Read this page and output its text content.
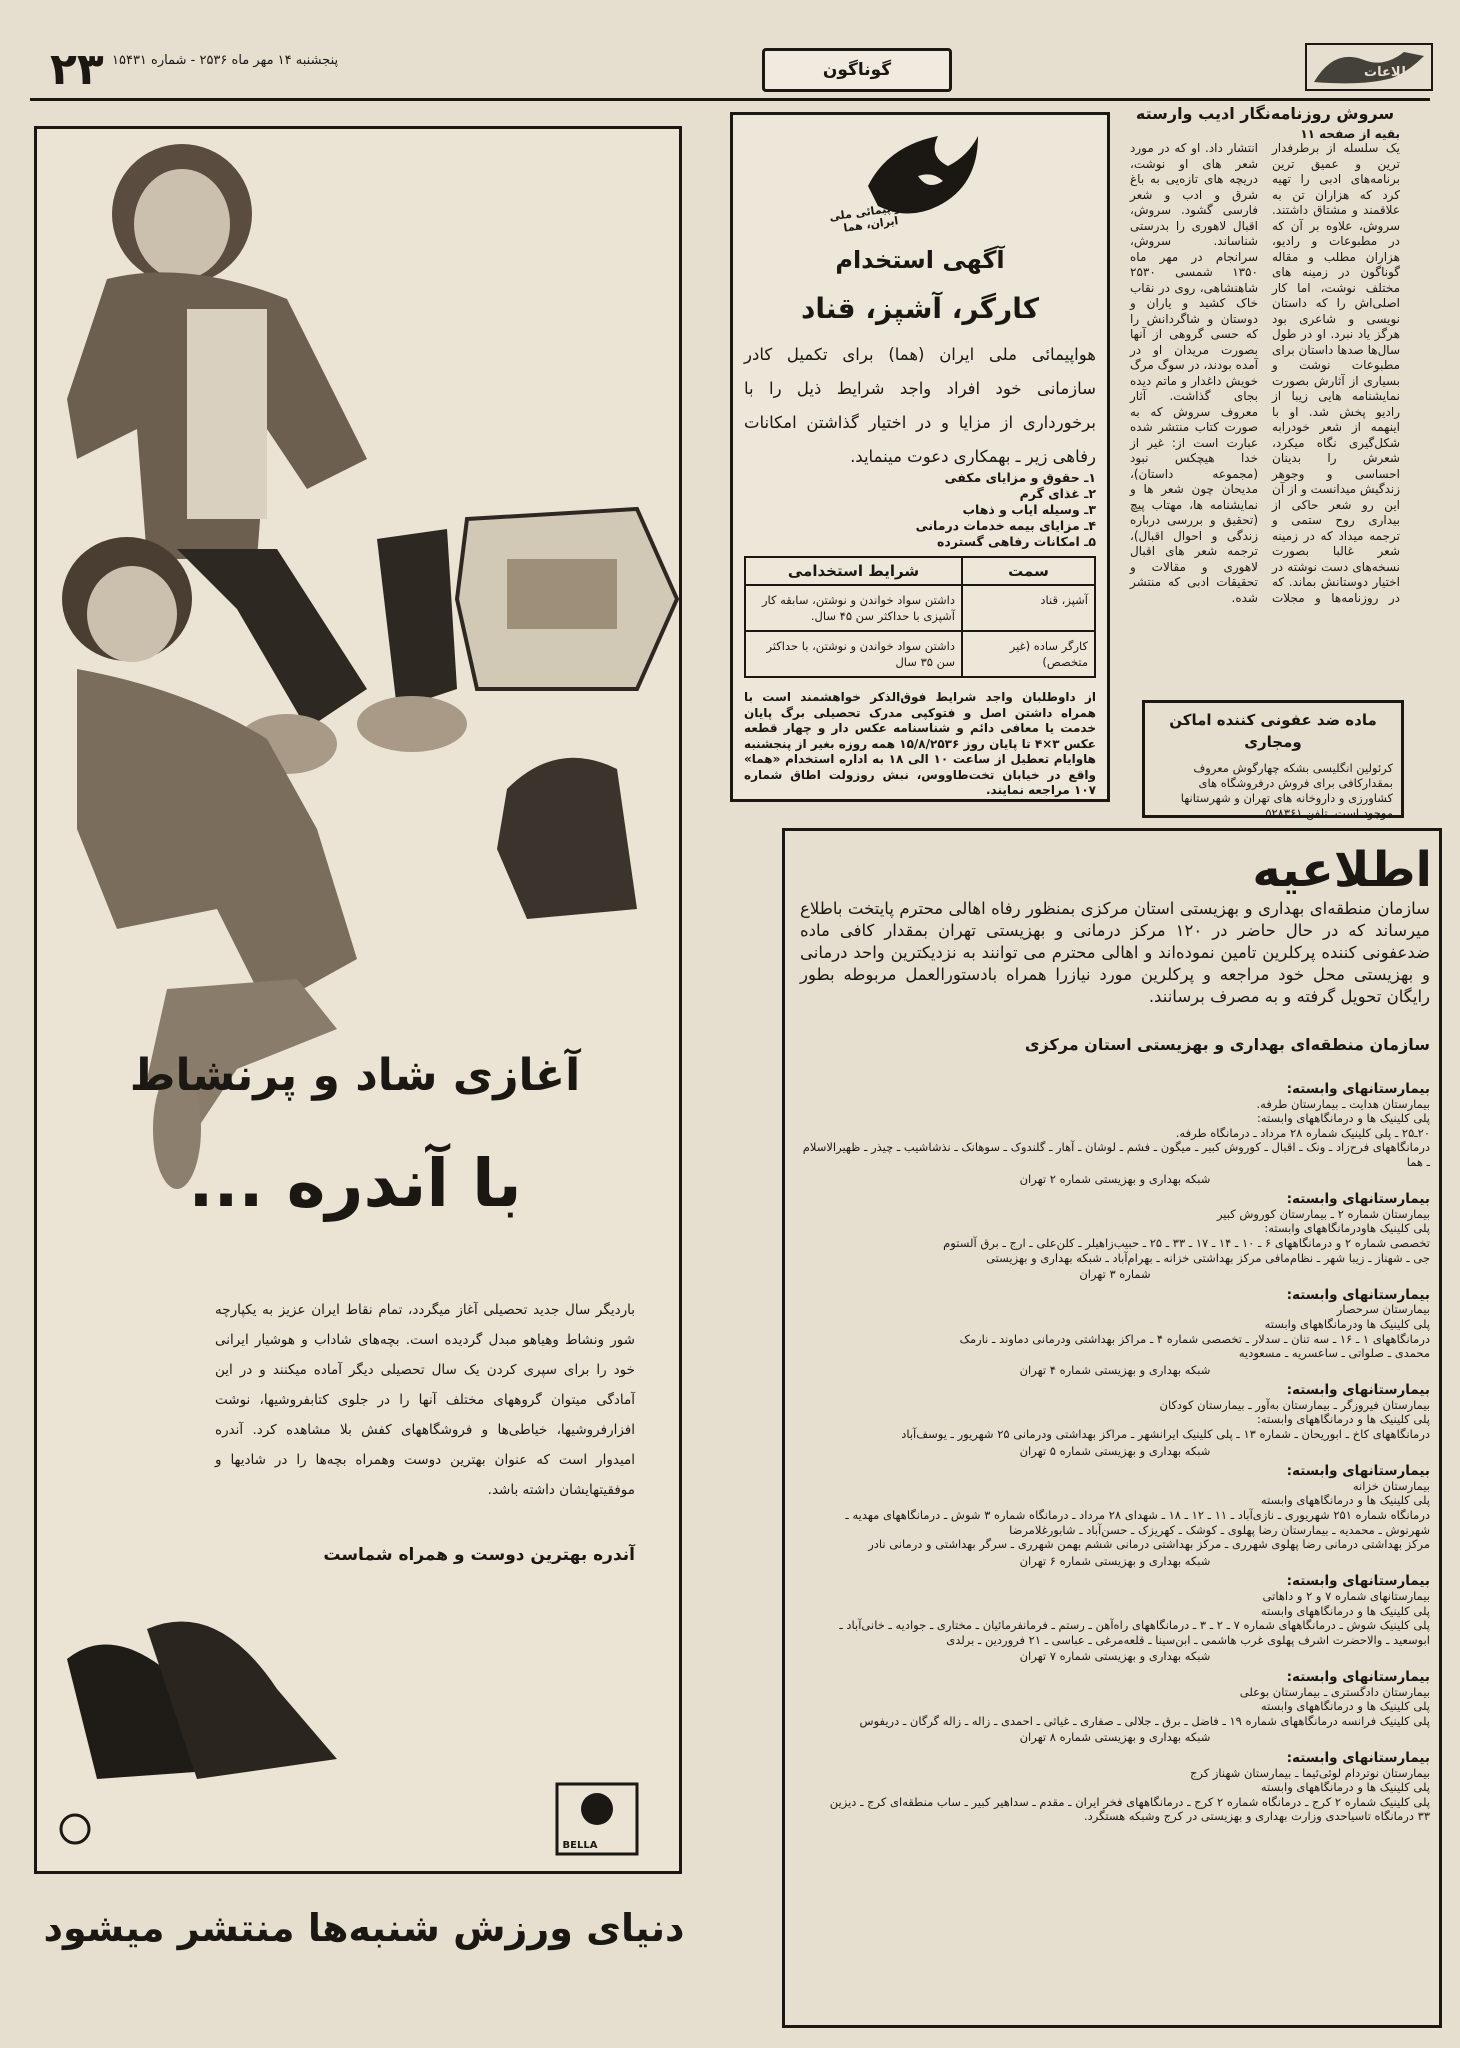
۲۳ پنجشنبه ۱۴ مهر ماه ۲۵۳۶ - شماره ۱۵۴۳۱	گوناگون	اطلاعات
آغازی شاد و پرنشاط
با آندره ...
باردیگر سال جدید تحصیلی آغاز میگردد، تمام نقاط ایران عزیز به یکپارچه شور ونشاط وهیاهو مبدل گردیده است. بچه‌های شاداب و هوشیار ایرانی خود را برای سپری کردن یک سال تحصیلی دیگر آماده میکنند و در این آمادگی میتوان گروههای مختلف آنها را در جلوی کتابفروشیها، نوشت افزارفروشیها، خیاطی‌ها و فروشگاههای کفش بلا مشاهده کرد. آندره امیدوار است که عنوان بهترین دوست وهمراه بچه‌ها را در شادیها و موفقیتهایشان داشته باشد.
آندره بهترین دوست و همراه شماست
BELLA
دنیای ورزش شنبه‌ها منتشر میشود
سروش روزنامه‌نگار ادیب وارسته
بقیه از صفحه ۱۱
یک سلسله از برطرفدار ترین و عمیق ترین برنامه‌های ادبی را تهیه کرد که هزاران تن به علاقمند و مشتاق داشتند. سروش، علاوه بر آن که در مطبوعات و رادیو، هزاران مطلب و مقاله گوناگون در زمینه های مختلف نوشت، اما کار اصلی‌اش را که داستان نویسی و شاعری بود هرگز یاد نبرد. او در طول سال‌ها صدها داستان برای مطبوعات نوشت و بسیاری از آثارش بصورت نمایشنامه هایی زیبا از رادیو پخش شد. او با اینهمه از شعر خودرابه شکل‌گیری نگاه میکرد، شعرش را بدینان احساسی و وجوهر زندگیش میدانست و از آن این رو شعر حاکی از بیداری روح ستمی و ترجمه میداد که در زمینه شعر غالبا بصورت نسخه‌های دست نوشته در اختیار دوستانش بماند. که در روزنامه‌ها و مجلات انتشار داد. او که در مورد شعر های او نوشت، دریچه های تازه‌یی به باغ شرق و ادب و شعر فارسی گشود. سروش، اقبال لاهوری را بدرستی شناساند. سروش، سرانجام در مهر ماه ۱۳۵۰ شمسی ۲۵۳۰ شاهنشاهی، روی در نقاب خاک کشید و یاران و دوستان و شاگردانش را که حسی گروهی از آنها بصورت مریدان او در آمده بودند، در سوگ مرگ خویش داغدار و ماتم دیده بجای گذاشت. آثار معروف سروش که به صورت کتاب منتشر شده عبارت است از: غیر از خدا هیچکس نبود (مجموعه داستان)، مدیحان چون شعر ها و نمایشنامه ها، مهتاب پیچ (تحقیق و بررسی درباره زندگی و احوال اقبال)، ترجمه شعر های اقبال لاهوری و مقالات و تحقیقات ادبی که منتشر شده.
ماده ضد عفونی کننده اماکن ومجاری
کرئولین انگلیسی بشکه چهارگوش معروف بمقدارکافی برای فروش درفروشگاه های کشاورزی و داروخانه های تهران و شهرستانها موجود است. تلفن ۵۲۸۳۶۱
هواپیمائی ملی ایران، هما
آگهی استخدام
کارگر، آشپز، قناد
هواپیمائی ملی ایران (هما) برای تکمیل کادر سازمانی خود افراد واجد شرایط ذیل را با برخورداری از مزایا و در اختیار گذاشتن امکانات رفاهی زیر ـ بهمکاری دعوت مینماید.
۱ـ حقوق و مزایای مکفی
۲ـ غذای گرم
۳ـ وسیله ایاب و ذهاب
۴ـ مزایای بیمه خدمات درمانی
۵ـ امکانات رفاهی گسترده
سمت	شرایط استخدامی
آشپز، قناد	داشتن سواد خواندن و نوشتن، سابقه کار آشپزی با حداکثر سن ۴۵ سال.
کارگر ساده (غیر متخصص)	داشتن سواد خواندن و نوشتن، با حداکثر سن ۳۵ سال
از داوطلبان واجد شرایط فوق‌الذکر خواهشمند است با همراه داشتن اصل و فتوکپی مدرک تحصیلی برگ پایان خدمت یا معافی دائم و شناسنامه عکس دار و چهار قطعه عکس ۳×۴ تا پایان روز ۱۵/۸/۲۵۳۶ همه روزه بغیر از پنجشنبه هاوایام تعطیل از ساعت ۱۰ الی ۱۸ به اداره استخدام «هما» واقع در خیابان تخت‌طاووس، نبش روزولت اطاق شماره ۱۰۷ مراجعه نمایند.
اطلاعیه
سازمان منطقه‌ای بهداری و بهزیستی استان مرکزی بمنظور رفاه اهالی محترم پایتخت باطلاع میرساند که در حال حاضر در ۱۲۰ مرکز درمانی و بهزیستی تهران بمقدار کافی ماده ضدعفونی کننده پرکلرین تامین نموده‌اند و اهالی محترم می توانند به نزدیکترین واحد درمانی و بهزیستی محل خود مراجعه و پرکلرین مورد نیازرا همراه بادستورالعمل مربوطه بطور رایگان تحویل گرفته و به مصرف برسانند.
سازمان منطقه‌ای بهداری و بهزیستی استان مرکزی
بیمارستانهای وابسته:
بیمارستان هدایت ـ بیمارستان طرفه.
پلی کلینیک ها و درمانگاههای وابسته:
۲۰ـ۲۵ ـ پلی کلینیک شماره ۲۸ مرداد ـ درمانگاه طرفه.
درمانگاههای فرح‌زاد ـ ونک ـ اقبال ـ کوروش کبیر ـ میگون ـ فشم ـ لوشان ـ آهار ـ گلندوک ـ سوهانک ـ نذشاشیب ـ چیذر ـ ظهیرالاسلام ـ هما
شبکه بهداری و بهزیستی شماره ۲ تهران
بیمارستانهای وابسته:
بیمارستان شماره ۲ ـ بیمارستان کوروش کبیر
پلی کلینیک هاودرمانگاههای وابسته:
تخصصی شماره ۲ و درمانگاههای ۶ ـ ۱۰ ـ ۱۴ ـ ۱۷ ـ ۳۳ ـ ۲۵ ـ حبیب‌زاهیلر ـ کلن‌علی ـ ارج ـ برق آلستوم
جی ـ شهناز ـ زیبا شهر ـ نظام‌مافی مرکز بهداشتی خزانه ـ بهرام‌آباد ـ شبکه بهداری و بهزیستی
شماره ۳ تهران
بیمارستانهای وابسته:
بیمارستان سرحصار
پلی کلینیک ها ودرمانگاههای وابسته
درمانگاههای ۱ ـ ۱۶ ـ سه تنان ـ سدلار ـ تخصصی شماره ۴ ـ مراکز بهداشتی ودرمانی دماوند ـ نارمک
محمدی ـ صلواتی ـ ساعسریه ـ مسعودیه
شبکه بهداری و بهزیستی شماره ۴ تهران
بیمارستانهای وابسته:
بیمارستان فیروزگر ـ بیمارستان به‌آور ـ بیمارستان کودکان
پلی کلینیک ها و درمانگاههای وابسته:
درمانگاههای کاخ ـ ابوریحان ـ شماره ۱۳ ـ پلی کلینیک ایرانشهر ـ مراکز بهداشتی ودرمانی ۲۵ شهریور ـ یوسف‌آباد
شبکه بهداری و بهزیستی شماره ۵ تهران
بیمارستانهای وابسته:
بیمارستان خزانه
پلی کلینیک ها و درمانگاههای وابسته
درمانگاه شماره ۲۵۱ شهریوری ـ نازی‌آباد ـ ۱۱ ـ ۱۲ ـ ۱۸ ـ شهدای ۲۸ مرداد ـ درمانگاه شماره ۳ شوش ـ درمانگاههای مهدیه ـ شهرنوش ـ محمدیه ـ بیمارستان رضا پهلوی ـ کوشک ـ کهریزک ـ حسن‌آباد ـ شابورغلامرضا
مرکز بهداشتی درمانی رضا پهلوی شهرری ـ مرکز بهداشتی درمانی ششم بهمن شهرری ـ سرگر بهداشتی و درمانی نادر
شبکه بهداری و بهزیستی شماره ۶ تهران
بیمارستانهای وابسته:
بیمارستانهای شماره ۷ و ۲ و داهاتی
پلی کلینیک ها و درمانگاههای وابسته
پلی کلینیک شوش ـ درمانگاههای شماره ۷ ـ ۲ ـ ۳ ـ درمانگاههای راه‌آهن ـ رستم ـ فرمانفرمائیان ـ مختاری ـ جوادیه ـ خانی‌آباد ـ ابوسعید ـ والاحضرت اشرف پهلوی غرب هاشمی ـ ابن‌سینا ـ قلعه‌مرغی ـ عباسی ـ ۲۱ فروردین ـ برلدی
شبکه بهداری و بهزیستی شماره ۷ تهران
بیمارستانهای وابسته:
بیمارستان دادگستری ـ بیمارستان بوعلی
پلی کلینیک ها و درمانگاههای وابسته
پلی کلینیک فرانسه درمانگاههای شماره ۱۹ ـ فاضل ـ برق ـ جلالی ـ صفاری ـ غیاثی ـ احمدی ـ زاله ـ زاله گرگان ـ دریفوس
شبکه بهداری و بهزیستی شماره ۸ تهران
بیمارستانهای وابسته:
بیمارستان نوتردام لوئی‌ئیما ـ بیمارستان شهناز کرج
پلی کلینیک ها و درمانگاههای وابسته
پلی کلینیک شماره ۲ کرج ـ درمانگاه شماره ۲ کرج ـ درمانگاههای فخر ایران ـ مقدم ـ سداهیر کبیر ـ ساب منطقه‌ای کرج ـ دیزین
۳۳ درمانگاه تاسیاحدی وزارت بهداری و بهزیستی در کرج وشبکه هستگرد.
